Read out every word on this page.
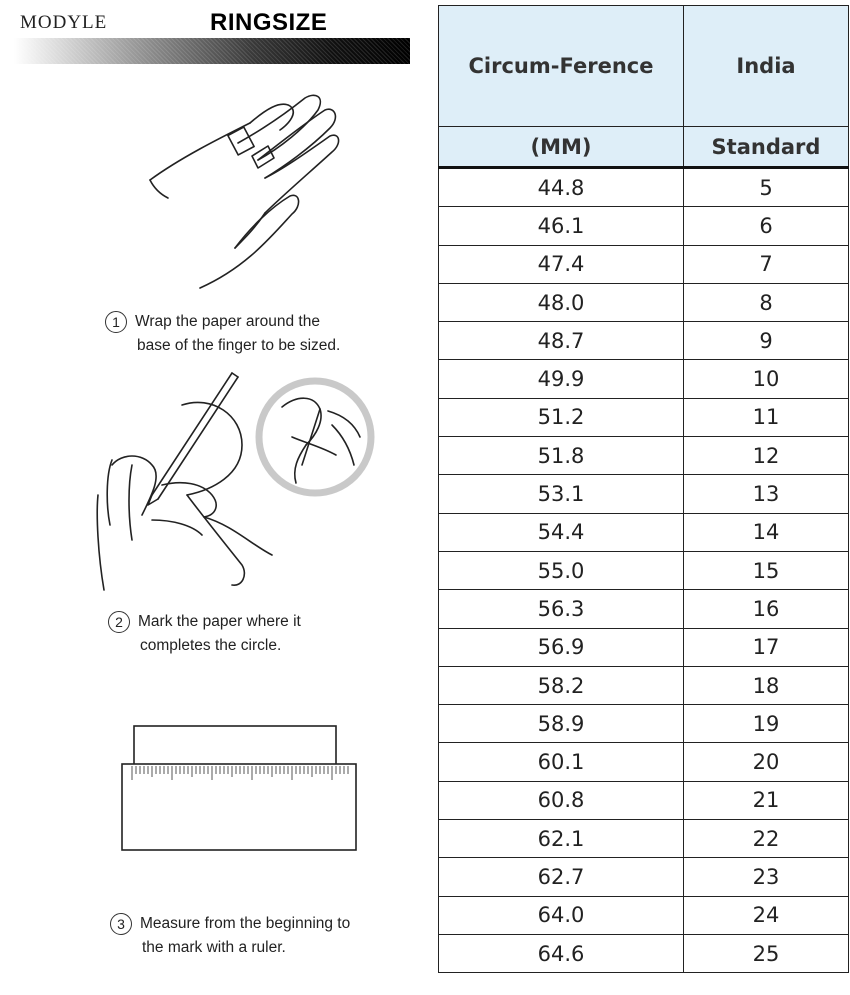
MODYLE	RINGSIZE
1 Wrap the paper around the
base of the finger to be sized.
2 Mark the paper where it
completes the circle.
3 Measure from the beginning to
the mark with a ruler.
Circum-Ference	India
(MM)	Standard
44.8	5
46.1	6
47.4	7
48.0	8
48.7	9
49.9	10
51.2	11
51.8	12
53.1	13
54.4	14
55.0	15
56.3	16
56.9	17
58.2	18
58.9	19
60.1	20
60.8	21
62.1	22
62.7	23
64.0	24
64.6	25
